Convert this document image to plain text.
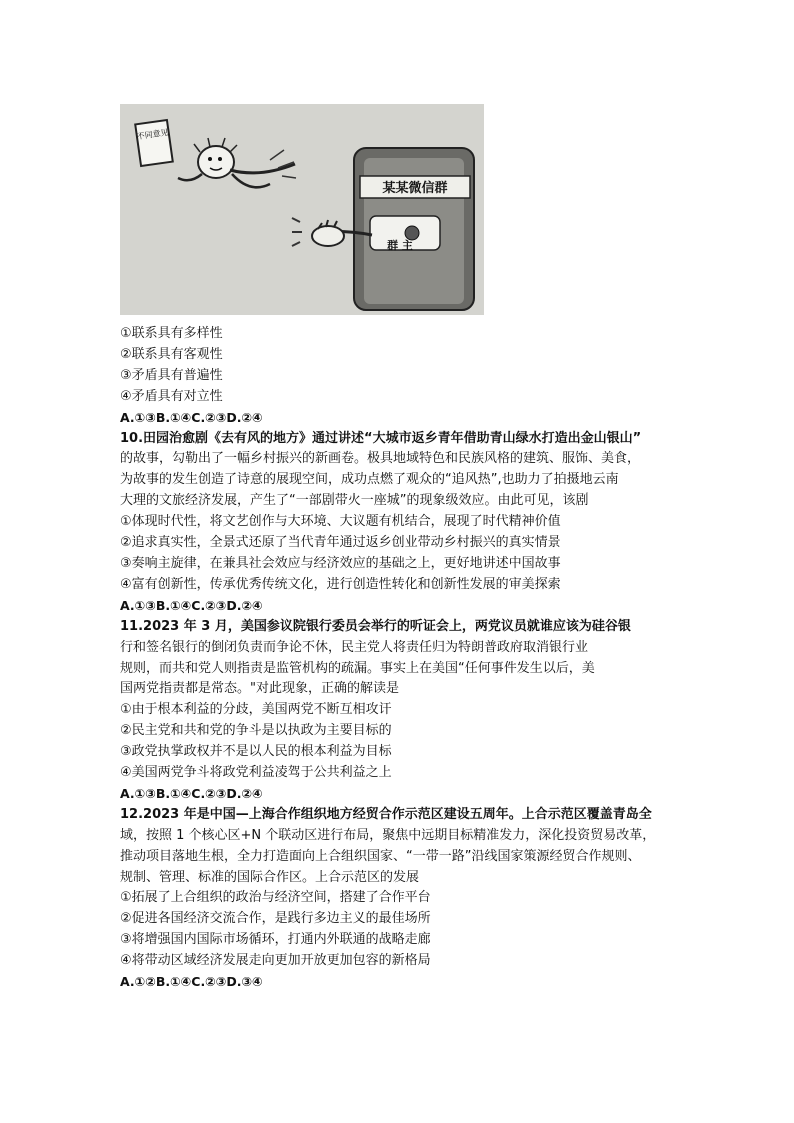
某某微信群
群 主
不同意见
①联系具有多样性
②联系具有客观性
③矛盾具有普遍性
④矛盾具有对立性
A.①③B.①④C.②③D.②④
10.田园治愈剧《去有风的地方》通过讲述“大城市返乡青年借助青山绿水打造出金山银山”
的故事，勾勒出了一幅乡村振兴的新画卷。极具地域特色和民族风格的建筑、服饰、美食，
为故事的发生创造了诗意的展现空间，成功点燃了观众的“追风热”,也助力了拍摄地云南
大理的文旅经济发展，产生了“一部剧带火一座城”的现象级效应。由此可见，该剧
①体现时代性，将文艺创作与大环境、大议题有机结合，展现了时代精神价值
②追求真实性，全景式还原了当代青年通过返乡创业带动乡村振兴的真实情景
③奏响主旋律，在兼具社会效应与经济效应的基础之上，更好地讲述中国故事
④富有创新性，传承优秀传统文化，进行创造性转化和创新性发展的审美探索
A.①③B.①④C.②③D.②④
11.2023 年 3 月，美国参议院银行委员会举行的听证会上，两党议员就谁应该为硅谷银
行和签名银行的倒闭负责而争论不休，民主党人将责任归为特朗普政府取消银行业
规则，而共和党人则指责是监管机构的疏漏。事实上在美国“任何事件发生以后，美
国两党指责都是常态。"对此现象，正确的解读是
①由于根本利益的分歧，美国两党不断互相攻讦
②民主党和共和党的争斗是以执政为主要目标的
③政党执掌政权并不是以人民的根本利益为目标
④美国两党争斗将政党利益凌驾于公共利益之上
A.①③B.①④C.②③D.②④
12.2023 年是中国—上海合作组织地方经贸合作示范区建设五周年。上合示范区覆盖青岛全
域，按照 1 个核心区+N 个联动区进行布局，聚焦中远期目标精准发力，深化投资贸易改革，
推动项目落地生根，全力打造面向上合组织国家、“一带一路”沿线国家策源经贸合作规则、
规制、管理、标准的国际合作区。上合示范区的发展
①拓展了上合组织的政治与经济空间，搭建了合作平台
②促进各国经济交流合作，是践行多边主义的最佳场所
③将增强国内国际市场循环，打通内外联通的战略走廊
④将带动区域经济发展走向更加开放更加包容的新格局
A.①②B.①④C.②③D.③④
